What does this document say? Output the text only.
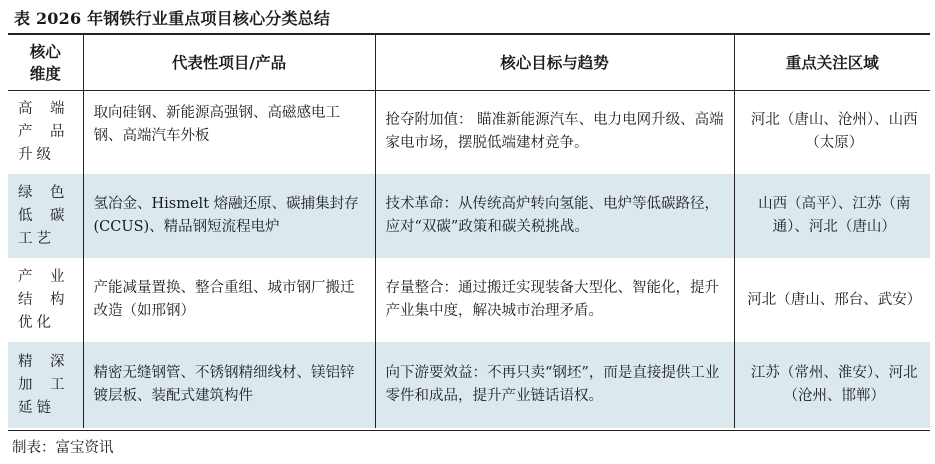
表 2026 年钢铁行业重点项目核心分类总结
核心
维度	代表性项目/产品	核心目标与趋势	重点关注区域

高 端
产 品
升级	取向硅钢、新能源高强钢、高磁感电工钢、高端汽车外板	抢夺附加值： 瞄准新能源汽车、电力电网升级、高端家电市场，摆脱低端建材竞争。	河北（唐山、沧州）、山西（太原）

绿 色
低 碳
工艺	氢冶金、Hismelt 熔融还原、碳捕集封存(CCUS)、精品钢短流程电炉	技术革命：从传统高炉转向氢能、电炉等低碳路径，应对“双碳”政策和碳关税挑战。	山西（高平）、江苏（南通）、河北（唐山）

产 业
结 构
优化	产能减量置换、整合重组、城市钢厂搬迁改造（如邢钢）	存量整合：通过搬迁实现装备大型化、智能化，提升产业集中度，解决城市治理矛盾。	河北（唐山、邢台、武安）

精 深
加 工
延链	精密无缝钢管、不锈钢精细线材、镁铝锌镀层板、装配式建筑构件	向下游要效益：不再只卖“钢坯”，而是直接提供工业零件和成品，提升产业链话语权。	江苏（常州、淮安）、河北（沧州、邯郸）
制表：富宝资讯
